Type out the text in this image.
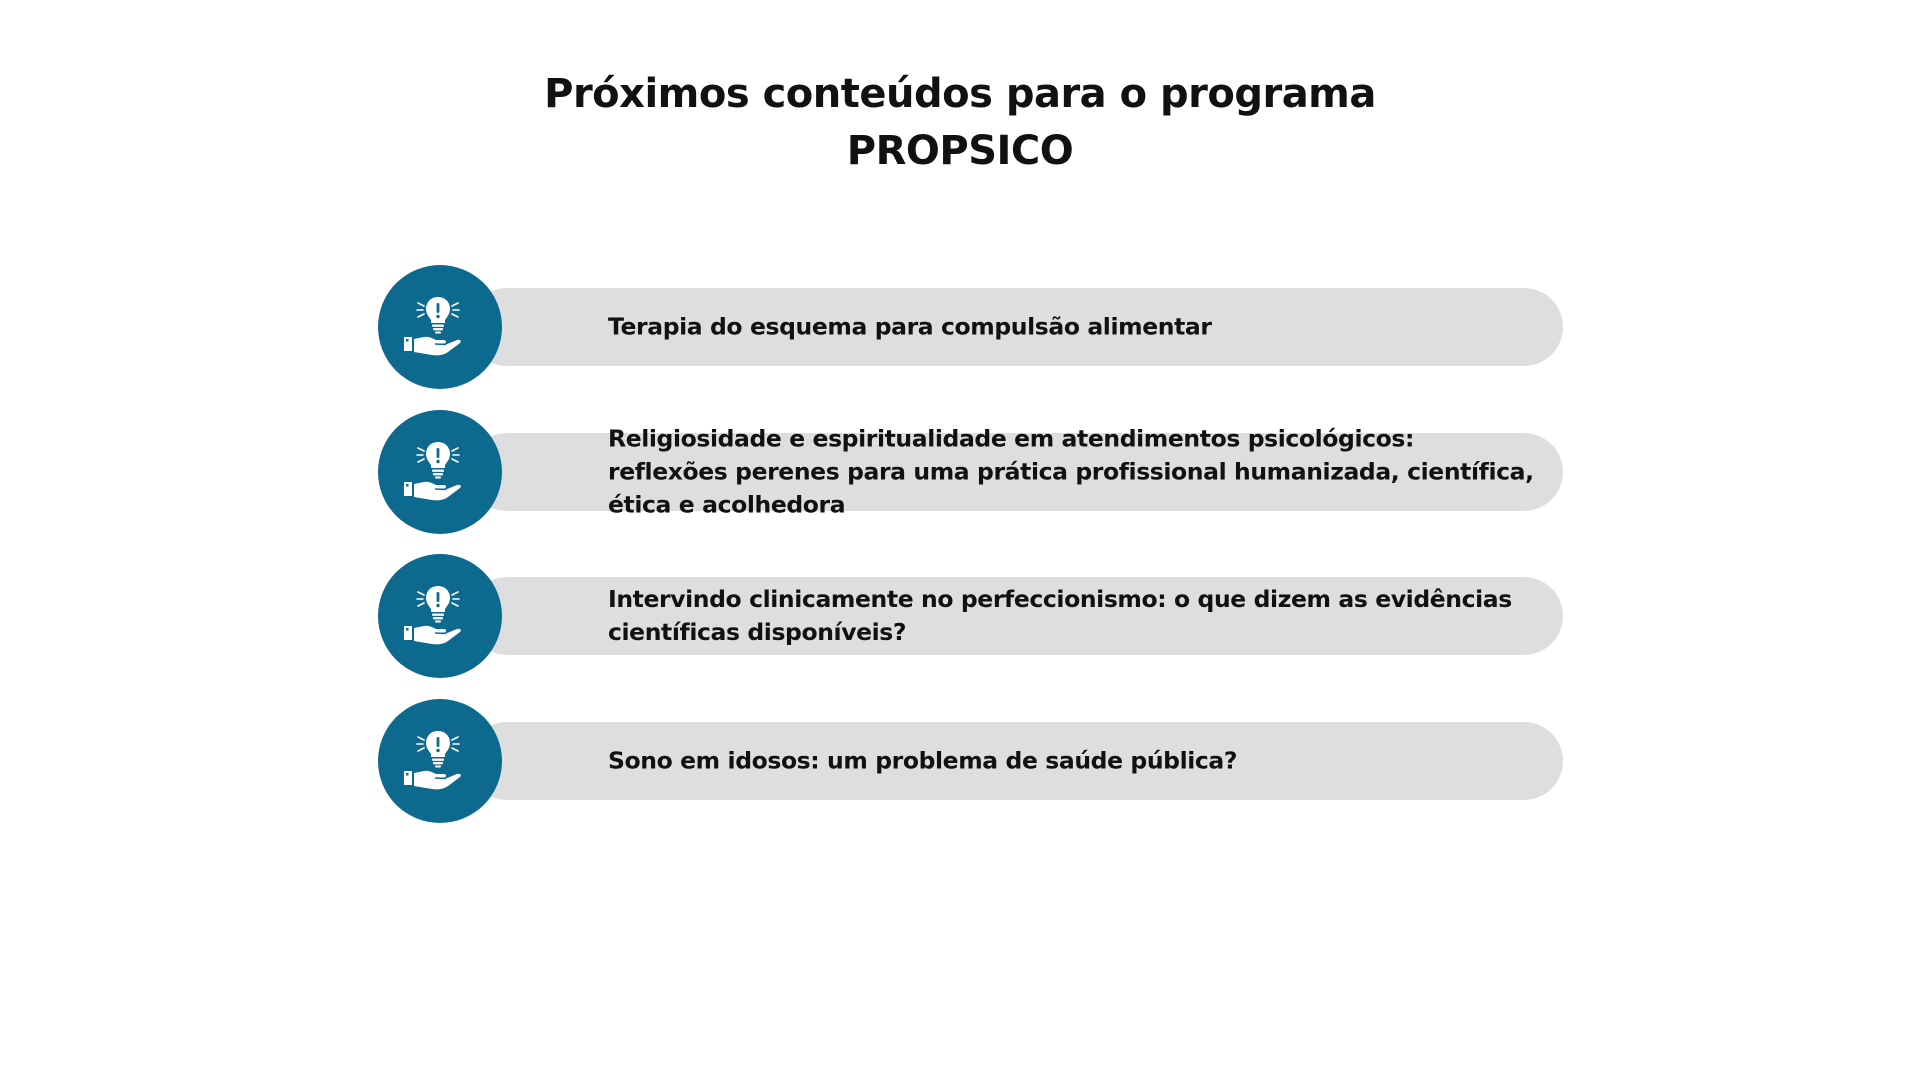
Próximos conteúdos para o programa
PROPSICO
Terapia do esquema para compulsão alimentar
Religiosidade e espiritualidade em atendimentos psicológicos: reflexões perenes para uma prática profissional humanizada, científica, ética e acolhedora
Intervindo clinicamente no perfeccionismo: o que dizem as evidências científicas disponíveis?
Sono em idosos: um problema de saúde pública?
